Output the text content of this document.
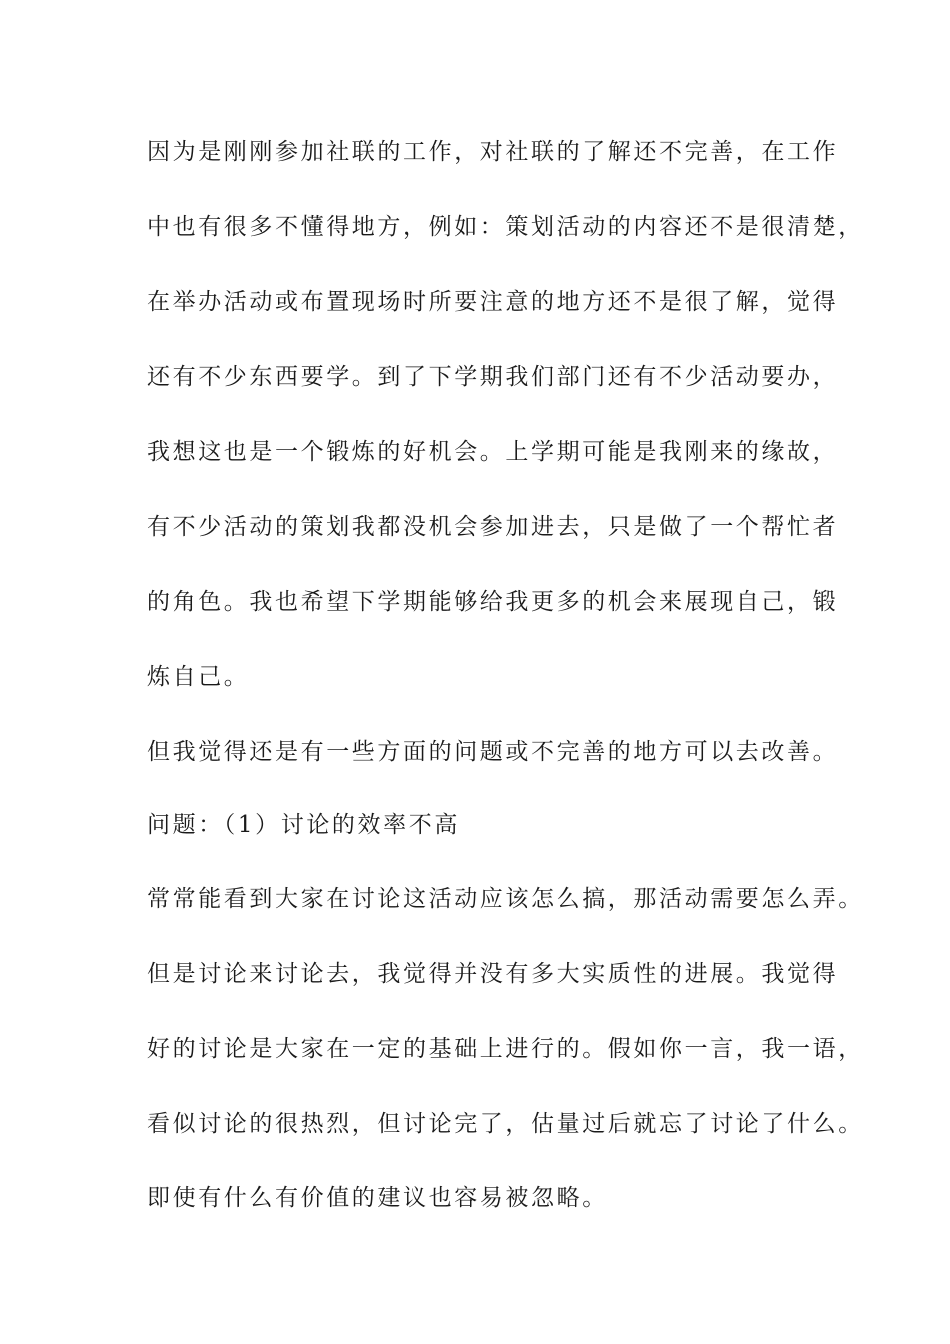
因为是刚刚参加社联的工作，对社联的了解还不完善，在工作
中也有很多不懂得地方，例如：策划活动的内容还不是很清楚，
在举办活动或布置现场时所要注意的地方还不是很了解，觉得
还有不少东西要学。到了下学期我们部门还有不少活动要办，
我想这也是一个锻炼的好机会。上学期可能是我刚来的缘故，
有不少活动的策划我都没机会参加进去，只是做了一个帮忙者
的角色。我也希望下学期能够给我更多的机会来展现自己，锻
炼自己。
但我觉得还是有一些方面的问题或不完善的地方可以去改善。
问题：（1）讨论的效率不高
常常能看到大家在讨论这活动应该怎么搞，那活动需要怎么弄。
但是讨论来讨论去，我觉得并没有多大实质性的进展。我觉得
好的讨论是大家在一定的基础上进行的。假如你一言，我一语，
看似讨论的很热烈，但讨论完了，估量过后就忘了讨论了什么。
即使有什么有价值的建议也容易被忽略。
